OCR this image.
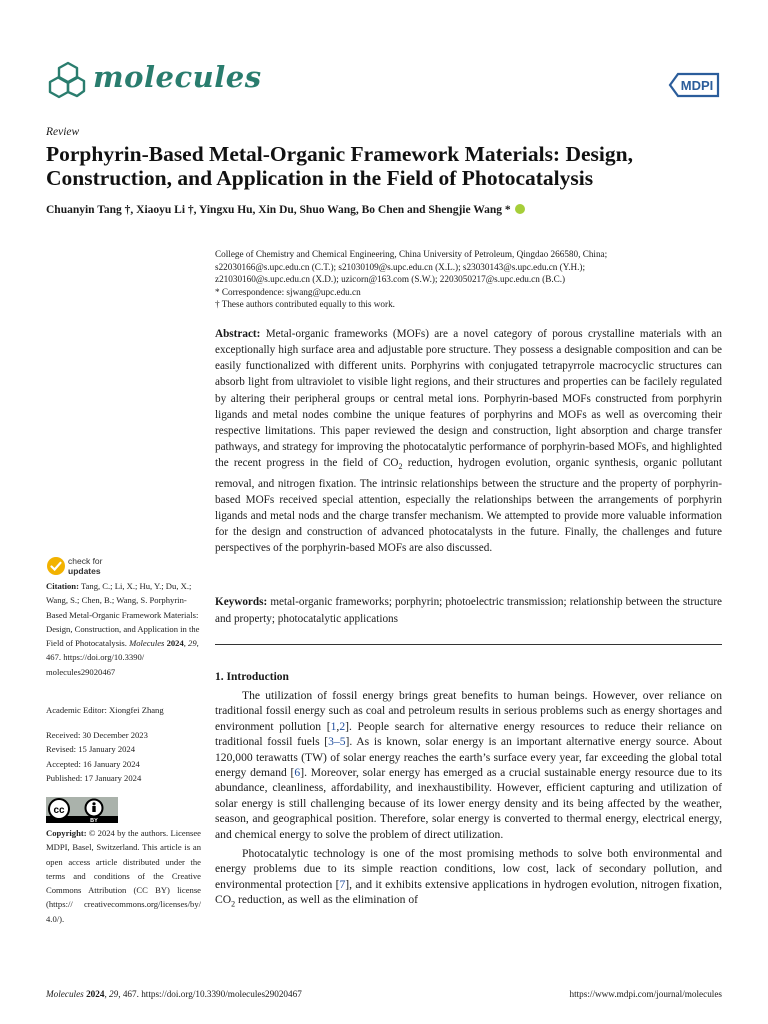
molecules	MDPI
Review
Porphyrin-Based Metal-Organic Framework Materials: Design, Construction, and Application in the Field of Photocatalysis
Chuanyin Tang †, Xiaoyu Li †, Yingxu Hu, Xin Du, Shuo Wang, Bo Chen and Shengjie Wang *

College of Chemistry and Chemical Engineering, China University of Petroleum, Qingdao 266580, China;

s22030166@s.upc.edu.cn (C.T.); s21030109@s.upc.edu.cn (X.L.); s23030143@s.upc.edu.cn (Y.H.);

z21030160@s.upc.edu.cn (X.D.); uzicorn@163.com (S.W.); 2203050217@s.upc.edu.cn (B.C.)

* Correspondence: sjwang@upc.edu.cn

† These authors contributed equally to this work.

Abstract: Metal-organic frameworks (MOFs) are a novel category of porous crystalline materials with an exceptionally high surface area and adjustable pore structure. They possess a designable composition and can be easily functionalized with different units. Porphyrins with conjugated tetrapyrrole macrocyclic structures can absorb light from ultraviolet to visible light regions, and their structures and properties can be facilely regulated by altering their peripheral groups or central metal ions. Porphyrin-based MOFs constructed from porphyrin ligands and metal nodes combine the unique features of porphyrins and MOFs as well as overcoming their respective limitations. This paper reviewed the design and construction, light absorption and charge transfer pathways, and strategy for improving the photocatalytic performance of porphyrin-based MOFs, and highlighted the recent progress in the field of $CO_2$ reduction, hydrogen evolution, organic synthesis, organic pollutant removal, and nitrogen fixation. The intrinsic relationships between the structure and the property of porphyrin-based MOFs received special attention, especially the relationships between the arrangements of porphyrin ligands and metal nods and the charge transfer mechanism. We attempted to provide more valuable information for the design and construction of advanced photocatalysts in the future. Finally, the challenges and future perspectives of the porphyrin-based MOFs are also discussed.
Keywords: metal-organic frameworks; porphyrin; photoelectric transmission; relationship between the structure and property; photocatalytic applications
check for
updates
Citation: Tang, C.; Li, X.; Hu, Y.; Du, X.; Wang, S.; Chen, B.; Wang, S. Porphyrin-Based Metal-Organic Framework Materials: Design, Construction, and Application in the Field of Photocatalysis. Molecules 2024, 29, 467. https://doi.org/10.3390/ molecules29020467
Academic Editor: Xiongfei Zhang
Received: 30 December 2023
Revised: 15 January 2024
Accepted: 16 January 2024
Published: 17 January 2024
cc
BY
Copyright: © 2024 by the authors. Licensee MDPI, Basel, Switzerland. This article is an open access article distributed under the terms and conditions of the Creative Commons Attribution (CC BY) license (https:// creativecommons.org/licenses/by/ 4.0/).
1. Introduction

The utilization of fossil energy brings great benefits to human beings. However, over reliance on traditional fossil energy such as coal and petroleum results in serious problems such as energy shortages and environment pollution [1,2]. People search for alternative energy resources to reduce their reliance on traditional fossil fuels [3–5]. As is known, solar energy is an important alternative energy source. About 120,000 terawatts (TW) of solar energy reaches the earth’s surface every year, far exceeding the global total energy demand [6]. Moreover, solar energy has emerged as a crucial sustainable energy resource due to its abundance, cleanliness, affordability, and inexhaustibility. However, efficient capturing and utilization of solar energy is still challenging because of its lower energy density and its being affected by the weather, season, and geographical position. Therefore, solar energy is converted to thermal energy, electrical energy, and chemical energy to solve the problem of direct utilization.

Photocatalytic technology is one of the most promising methods to solve both environmental and energy problems due to its simple reaction conditions, low cost, lack of secondary pollution, and environmental protection [7], and it exhibits extensive applications in hydrogen evolution, nitrogen fixation, $CO_2$ reduction, as well as the elimination of

Molecules 2024, 29, 467. https://doi.org/10.3390/molecules29020467	https://www.mdpi.com/journal/molecules
